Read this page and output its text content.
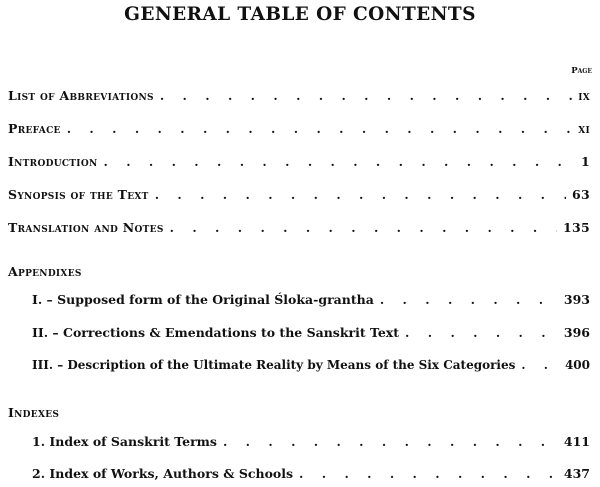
GENERAL TABLE OF CONTENTS
Page
List of Abbreviations . . .	ix
Preface . . .	xi
Introduction . . .	1
Synopsis of the Text . . .	63
Translation and Notes . . .	135
Appendixes
I. – Supposed form of the Original Śloka-grantha . . .	393
II. – Corrections & Emendations to the Sanskrit Text . . .	396
III. – Description of the Ultimate Reality by Means of the Six Categories . . .	400
Indexes
1. Index of Sanskrit Terms . . .	411
2. Index of Works, Authors & Schools . . .	437
